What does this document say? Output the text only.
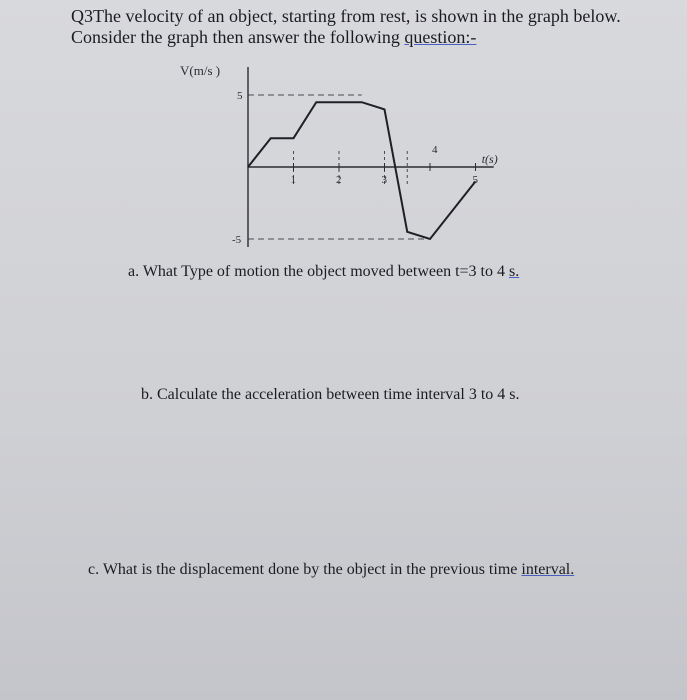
Q3The velocity of an object, starting from rest, is shown in the graph below.
Consider the graph then answer the following question:-
V(m/s )
t(s)
1	2	3
4
5
5
-5
a. What Type of motion the object moved between t=3 to 4 s.
b. Calculate the acceleration between time interval 3 to 4 s.
c. What is the displacement done by the object in the previous time interval.
